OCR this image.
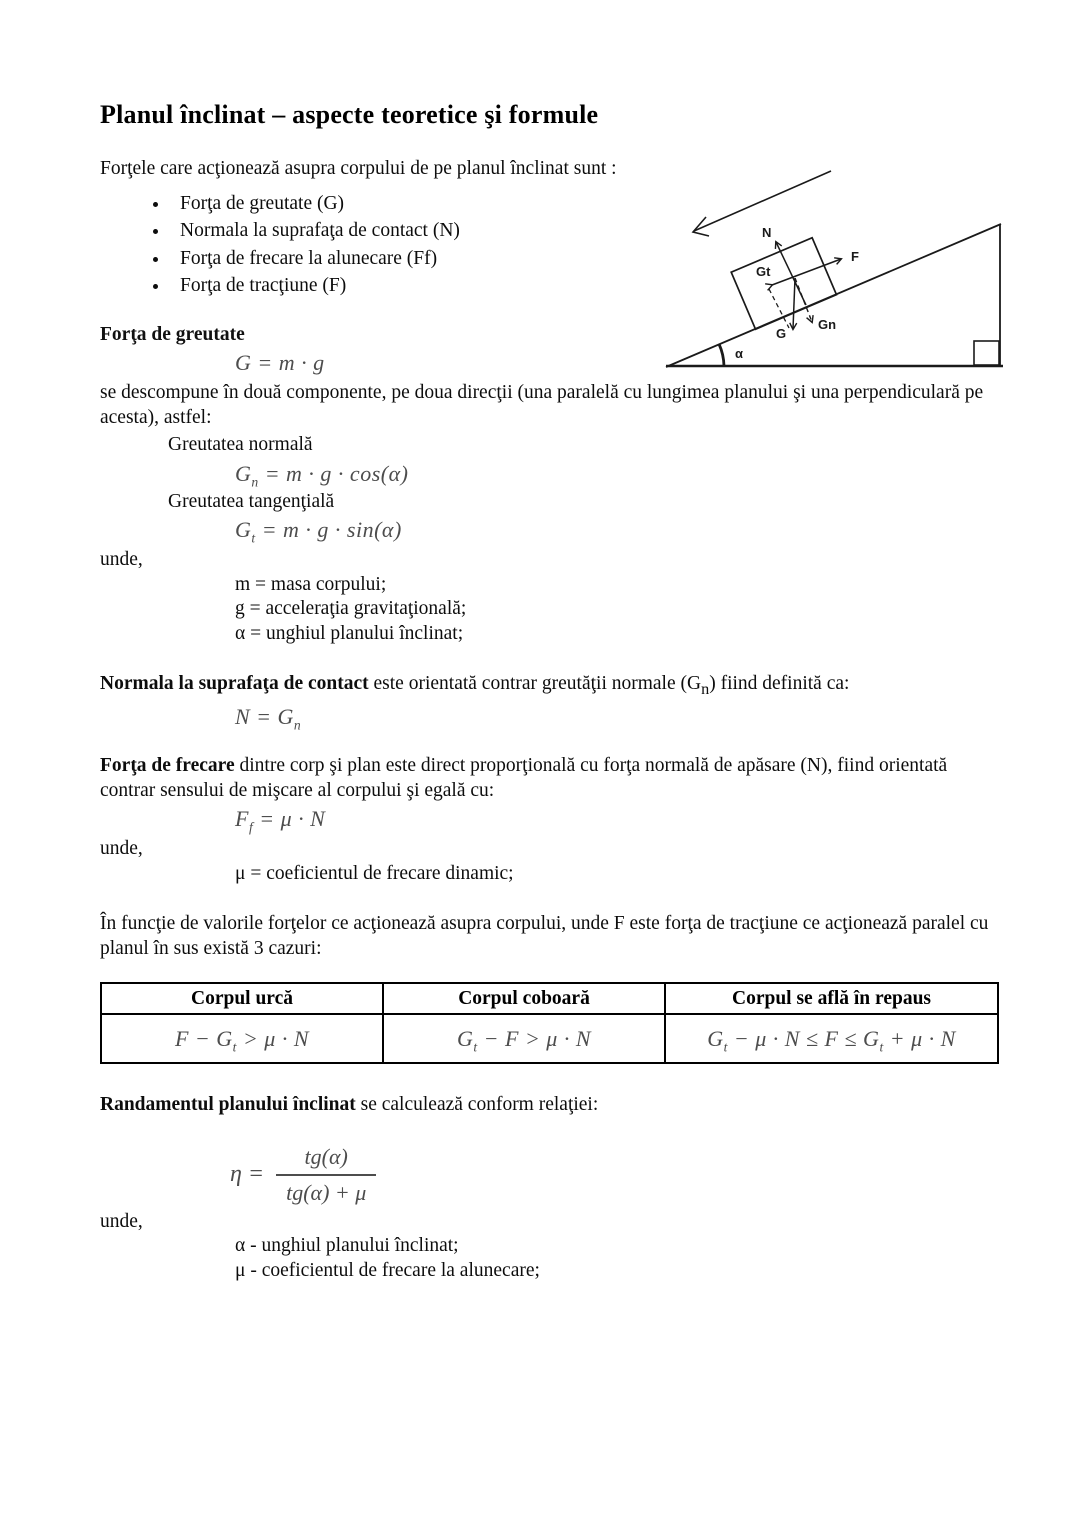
Planul înclinat – aspecte teoretice şi formule

Forţele care acţionează asupra corpului de pe planul înclinat sunt :

• Forţa de greutate (G)
• Normala la suprafaţa de contact (N)
• Forţa de frecare la alunecare (Ff)
• Forţa de tracţiune (F)
α
N
F
Gt
G
Gn
Forţa de greutate
G = m · g

se descompune în două componente, pe doua direcţii (una paralelă cu lungimea planului şi una perpendiculară pe acesta), astfel:

Greutatea normală
$G_n = m \cdot g \cdot \cos(\alpha)$
Greutatea tangenţială
$G_t = m \cdot g \cdot \sin(\alpha)$
unde,
m = masa corpului;
g = acceleraţia gravitaţională;
α = unghiul planului înclinat;

Normala la suprafaţa de contact este orientată contrar greutăţii normale $(G_n)$ fiind definită ca:

$N = G_n$

Forţa de frecare dintre corp şi plan este direct proporţională cu forţa normală de apăsare (N), fiind orientată contrar sensului de mişcare al corpului şi egală cu:

$F_f = \mu \cdot N$
unde,
μ = coeficientul de frecare dinamic;

În funcţie de valorile forţelor ce acţionează asupra corpului, unde F este forţa de tracţiune ce acţionează paralel cu planul în sus există 3 cazuri:

Corpul urcă	Corpul coboară	Corpul se află în repaus
$F - G_t > \mu \cdot N$	$G_t - F > \mu \cdot N$	$G_t - \mu \cdot N \le F \le G_t + \mu \cdot N$

Randamentul planului înclinat se calculează conform relaţiei:

$\eta = \frac{tg(\alpha)}{tg(\alpha) + \mu}$
unde,
α - unghiul planului înclinat;
μ - coeficientul de frecare la alunecare;
